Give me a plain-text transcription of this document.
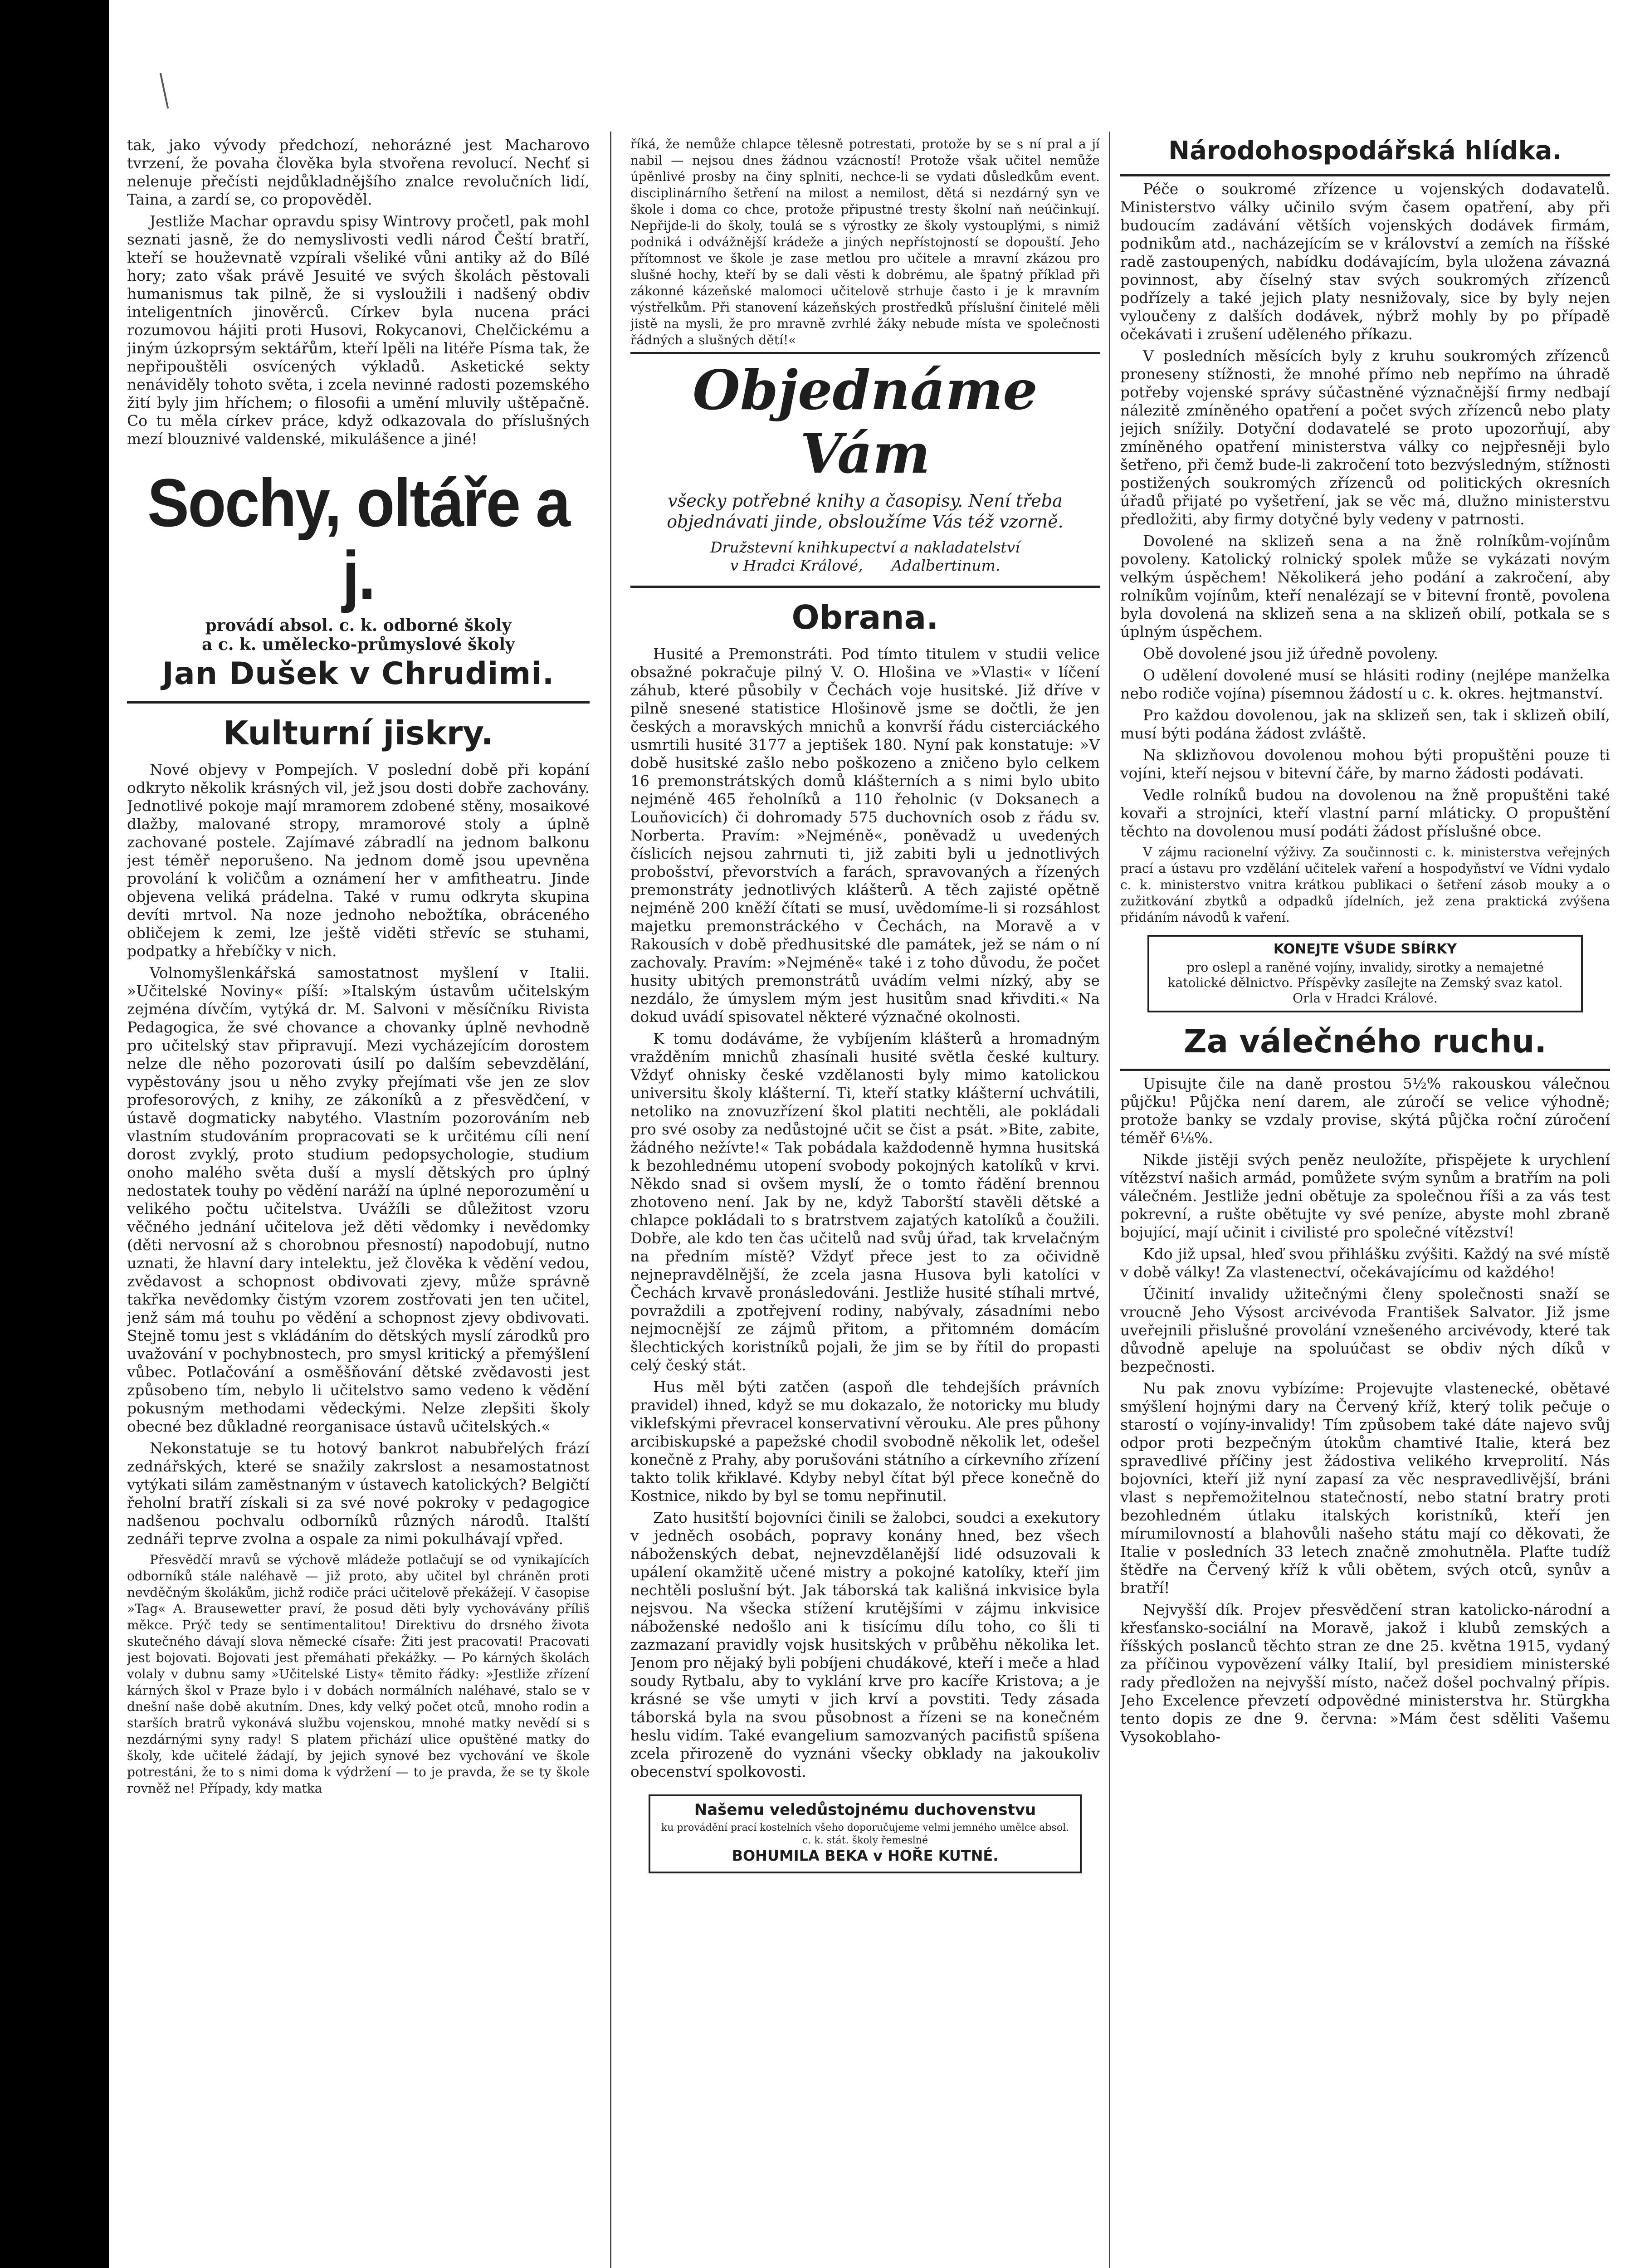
tak, jako vývody předchozí, nehorázné jest Macharovo tvrzení, že povaha člověka byla stvořena revolucí. Nechť si nelenuje přečísti nejdůkladnějšího znalce revolučních lidí, Taina, a zardí se, co propověděl.

Jestliže Machar opravdu spisy Wintrovy pročetl, pak mohl seznati jasně, že do nemyslivosti vedli národ Čeští bratří, kteří se houževnatě vzpírali všeliké vůni antiky až do Bílé hory; zato však právě Jesuité ve svých školách pěstovali humanismus tak pilně, že si vysloužili i nadšený obdiv inteligentních jinověrců. Církev byla nucena práci rozumovou hájiti proti Husovi, Rokycanovi, Chelčickému a jiným úzkoprsým sektářům, kteří lpěli na litéře Písma tak, že nepřipouštěli osvícených výkladů. Asketické sekty nenáviděly tohoto světa, i zcela nevinné radosti pozemského žití byly jim hříchem; o filosofii a umění mluvily uštěpačně. Co tu měla církev práce, když odkazovala do příslušných mezí blouznivé valdenské, mikulášence a jiné!

Sochy, oltáře a j.

provádí absol. c. k. odborné školy

a c. k. umělecko-průmyslové školy

Jan Dušek v Chrudimi.
Kulturní jiskry.

Nové objevy v Pompejích. V poslední době při kopání odkryto několik krásných vil, jež jsou dosti dobře zachovány. Jednotlivé pokoje mají mramorem zdobené stěny, mosaikové dlažby, malované stropy, mramorové stoly a úplně zachované postele. Zajímavé zábradlí na jednom balkonu jest téměř neporušeno. Na jednom domě jsou upevněna provolání k voličům a oznámení her v amfitheatru. Jinde objevena veliká prádelna. Také v rumu odkryta skupina devíti mrtvol. Na noze jednoho nebožtíka, obráceného obličejem k zemi, lze ještě viděti střevíc se stuhami, podpatky a hřebíčky v nich.

Volnomyšlenkářská samostatnost myšlení v Italii. »Učitelské Noviny« píší: »Italským ústavům učitelským zejména dívčím, vytýká dr. M. Salvoni v měsíčníku Rivista Pedagogica, že své chovance a chovanky úplně nevhodně pro učitelský stav připravují. Mezi vycházejícím dorostem nelze dle něho pozorovati úsilí po dalším sebevzdělání, vypěstovány jsou u něho zvyky přejímati vše jen ze slov profesorových, z knihy, ze zákoníků a z přesvědčení, v ústavě dogmaticky nabytého. Vlastním pozorováním neb vlastním studováním propracovati se k určitému cíli není dorost zvyklý, proto studium pedopsychologie, studium onoho malého světa duší a myslí dětských pro úplný nedostatek touhy po vědění naráží na úplné neporozumění u velikého počtu učitelstva. Uvážíli se důležitost vzoru věčného jednání učitelova jež děti vědomky i nevědomky (děti nervosní až s chorobnou přesností) napodobují, nutno uznati, že hlavní dary intelektu, jež člověka k vědění vedou, zvědavost a schopnost obdivovati zjevy, může správně takřka nevědomky čistým vzorem zostřovati jen ten učitel, jenž sám má touhu po vědění a schopnost zjevy obdivovati. Stejně tomu jest s vkládáním do dětských myslí zárodků pro uvažování v pochybnostech, pro smysl kritický a přemýšlení vůbec. Potlačování a osměšňování dětské zvědavosti jest způsobeno tím, nebylo li učitelstvo samo vedeno k vědění pokusným methodami vědeckými. Nelze zlepšiti školy obecné bez důkladné reorganisace ústavů učitelských.«

Nekonstatuje se tu hotový bankrot nabubřelých frází zednářských, které se snažily zakrslost a nesamostatnost vytýkati silám zaměstnaným v ústavech katolických? Belgičtí řeholní bratří získali si za své nové pokroky v pedagogice nadšenou pochvalu odborníků různých národů. Italští zednáři teprve zvolna a ospale za nimi pokulhávají vpřed.

Přesvědčí mravů se výchově mládeže potlačují se od vynikajících odborníků stále naléhavě — již proto, aby učitel byl chráněn proti nevděčným školákům, jichž rodiče práci učitelově překážejí. V časopise »Tag« A. Brausewetter praví, že posud děti byly vychovávány příliš měkce. Prýč tedy se sentimentalitou! Direktivu do drsného života skutečného dávají slova německé císaře: Žiti jest pracovati! Pracovati jest bojovati. Bojovati jest přemáhati překážky. — Po kárných školách volaly v dubnu samy »Učitelské Listy« těmito řádky: »Jestliže zřízení kárných škol v Praze bylo i v dobách normálních naléhavé, stalo se v dnešní naše době akutním. Dnes, kdy velký počet otců, mnoho rodin a starších bratrů vykonává službu vojenskou, mnohé matky nevědí si s nezdárnými syny rady! S platem přichází ulice opuštěné matky do školy, kde učitelé žádají, by jejich synové bez vychování ve škole potrestáni, že to s nimi doma k výdržení — to je pravda, že se ty škole rovněž ne! Případy, kdy matka

říká, že nemůže chlapce tělesně potrestati, protože by se s ní pral a jí nabil — nejsou dnes žádnou vzácností! Protože však učitel nemůže úpěnlivé prosby na činy splniti, nechce-li se vydati důsledkům event. disciplinárního šetření na milost a nemilost, dětá si nezdárný syn ve škole i doma co chce, protože připustné tresty školní naň neúčinkují. Nepřijde-li do školy, toulá se s výrostky ze školy vystouplými, s nimiž podniká i odvážnější krádeže a jiných nepřístojností se dopouští. Jeho přítomnost ve škole je zase metlou pro učitele a mravní zkázou pro slušné hochy, kteří by se dali věsti k dobrému, ale špatný příklad při zákonné kázeňské malomoci učitelově strhuje často i je k mravním výstřelkům. Při stanovení kázeňských prostředků příslušní činitelé měli jistě na mysli, že pro mravně zvrhlé žáky nebude místa ve společnosti řádných a slušných dětí!«

Objednáme Vám

všecky potřebné knihy a časopisy. Není třeba

objednávati jinde, obsloužíme Vás též vzorně.

Družstevní knihkupectví a nakladatelství

v Hradci Králové, Adalbertinum.

Obrana.

Husité a Premonstráti. Pod tímto titulem v studii velice obsažné pokračuje pilný V. O. Hlošina ve »Vlasti« v líčení záhub, které působily v Čechách voje husitské. Již dříve v pilně snesené statistice Hlošinově jsme se dočtli, že jen českých a moravských mnichů a konvrší řádu cisterciáckého usmrtili husité 3177 a jeptišek 180. Nyní pak konstatuje: »V době husitské zašlo nebo poškozeno a zničeno bylo celkem 16 premonstrátských domů klášterních a s nimi bylo ubito nejméně 465 řeholníků a 110 řeholnic (v Doksanech a Louňovicích) či dohromady 575 duchovních osob z řádu sv. Norberta. Pravím: »Nejméně«, poněvadž u uvedených číslicích nejsou zahrnuti ti, již zabiti byli u jednotlivých probošství, převorstvích a farách, spravovaných a řízených premonstráty jednotlivých klášterů. A těch zajisté opětně nejméně 200 kněží čítati se musí, uvědomíme-li si rozsáhlost majetku premonstráckého v Čechách, na Moravě a v Rakousích v době předhusitské dle památek, jež se nám o ní zachovaly. Pravím: »Nejméně« také i z toho důvodu, že počet husity ubitých premonstrátů uvádím velmi nízký, aby se nezdálo, že úmyslem mým jest husitům snad křivditi.« Na dokud uvádí spisovatel některé význačné okolnosti.

K tomu dodáváme, že vybíjením klášterů a hromadným vražděním mnichů zhasínali husité světla české kultury. Vždyť ohnisky české vzdělanosti byly mimo katolickou universitu školy klášterní. Ti, kteří statky klášterní uchvátili, netoliko na znovuzřízení škol platiti nechtěli, ale pokládali pro své osoby za nedůstojné učit se čist a psát. »Bite, zabite, žádného nežívte!« Tak pobádala každodenně hymna husitská k bezohlednému utopení svobody pokojných katolíků v krvi. Někdo snad si ovšem myslí, že o tomto řádění brennou zhotoveno není. Jak by ne, když Taborští stavěli dětské a chlapce pokládali to s bratrstvem zajatých katolíků a čoužili. Dobře, ale kdo ten čas učitelů nad svůj úřad, tak krvelačným na předním místě? Vždyť přece jest to za očividně nejnepravdělnější, že zcela jasna Husova byli katolíci v Čechách krvavě pronásledováni. Jestliže husité stíhali mrtvé, povraždili a zpotřejvení rodiny, nabývaly, zásadními nebo nejmocnější ze zájmů přitom, a přitomném domácím šlechtických koristníků pojali, že jim se by řítil do propasti celý český stát.

Hus měl býti zatčen (aspoň dle tehdejších právních pravidel) ihned, když se mu dokazalo, že notoricky mu bludy viklefskými převracel konservativní věrouku. Ale pres půhony arcibiskupské a papežské chodil svobodně několik let, odešel konečně z Prahy, aby porušováni státního a církevního zřízení takto tolik křiklavé. Kdyby nebyl čítat býl přece konečně do Kostnice, nikdo by byl se tomu nepřinutil.

Zato husitští bojovníci činili se žalobci, soudci a exekutory v jedněch osobách, popravy konány hned, bez všech náboženských debat, nejnevzdělanější lidé odsuzovali k upálení okamžitě učené mistry a pokojné katolíky, kteří jim nechtěli poslušní být. Jak táborská tak kališná inkvisice byla nejsvou. Na všecka stížení krutějšími v zájmu inkvisice náboženské nedošlo ani k tisícímu dílu toho, co šli ti zazmazaní pravidly vojsk husitských v průběhu několika let. Jenom pro nějaký byli pobíjeni chudákové, kteří i meče a hlad soudy Rytbalu, aby to vyklání krve pro kacíře Kristova; a je krásné se vše umyti v jich krví a povstiti. Tedy zásada táborská byla na svou působnost a řízeni se na konečném heslu vidím. Také evangelium samozvaných pacifistů spíšena zcela přirozeně do vyznáni všecky obklady na jakoukoliv obecenství spolkovosti.

Našemu veledůstojnému duchovenstvu

ku provádění prací kostelních všeho doporučujeme velmi jemného umělce absol. c. k. stát. školy řemeslné

BOHUMILA BEKA v HOŘE KUTNÉ.

Národohospodářská hlídka.

Péče o soukromé zřízence u vojenských dodavatelů. Ministerstvo války učinilo svým časem opatření, aby při budoucím zadávání větších vojenských dodávek firmám, podnikům atd., nacházejícím se v království a zemích na říšské radě zastoupených, nabídku dodávajícím, byla uložena závazná povinnost, aby číselný stav svých soukromých zřízenců podřízely a také jejich platy nesnižovaly, sice by byly nejen vyloučeny z dalších dodávek, nýbrž mohly by po případě očekávati i zrušení uděleného příkazu.

V posledních měsících byly z kruhu soukromých zřízenců proneseny stížnosti, že mnohé přímo neb nepřímo na úhradě potřeby vojenské správy súčastněné význačnější firmy nedbají nálezitě zmíněného opatření a počet svých zřízenců nebo platy jejich snížily. Dotyční dodavatelé se proto upozorňují, aby zmíněného opatření ministerstva války co nejpřesněji bylo šetřeno, při čemž bude-li zakročení toto bezvýsledným, stížnosti postižených soukromých zřízenců od politických okresních úřadů přijaté po vyšetření, jak se věc má, dlužno ministerstvu předložiti, aby firmy dotyčné byly vedeny v patrnosti.

Dovolené na sklizeň sena a na žně rolníkům-vojínům povoleny. Katolický rolnický spolek může se vykázati novým velkým úspěchem! Několikerá jeho podání a zakročení, aby rolníkům vojínům, kteří nenalézají se v bitevní frontě, povolena byla dovolená na sklizeň sena a na sklizeň obilí, potkala se s úplným úspěchem.

Obě dovolené jsou již úředně povoleny.

O udělení dovolené musí se hlásiti rodiny (nejlépe manželka nebo rodiče vojína) písemnou žádostí u c. k. okres. hejtmanství.

Pro každou dovolenou, jak na sklizeň sen, tak i sklizeň obilí, musí býti podána žádost zvláště.

Na sklizňovou dovolenou mohou býti propuštěni pouze ti vojíni, kteří nejsou v bitevní čáře, by marno žádosti podávati.

Vedle rolníků budou na dovolenou na žně propuštěni také kovaři a strojníci, kteří vlastní parní mláticky. O propuštění těchto na dovolenou musí podáti žádost příslušné obce.

V zájmu racionelní výživy. Za součinnosti c. k. ministerstva veřejných prací a ústavu pro vzdělání učitelek vaření a hospodyňství ve Vídni vydalo c. k. ministerstvo vnitra krátkou publikaci o šetření zásob mouky a o zužitkování zbytků a odpadků jídelních, jež zena praktická zvýšena přidáním návodů k vaření.

KONEJTE VŠUDE SBÍRKY

pro oslepl a raněné vojíny, invalidy, sirotky a nemajetné katolické dělnictvo. Příspěvky zasílejte na Zemský svaz katol. Orla v Hradci Králové.

Za válečného ruchu.

Upisujte čile na daně prostou 5½% rakouskou válečnou půjčku! Půjčka není darem, ale zúročí se velice výhodně; protože banky se vzdaly provise, skýtá půjčka roční zúročení téměř 6⅛%.

Nikde jistěji svých peněz neuložíte, přispějete k urychlení vítězství našich armád, pomůžete svým synům a bratřím na poli válečném. Jestliže jedni obětuje za společnou říši a za vás test pokrevní, a rušte obětujte vy své peníze, abyste mohl zbraně bojující, mají učinit i civilisté pro společné vítězství!

Kdo již upsal, hleď svou přihlášku zvýšiti. Každý na své místě v době války! Za vlastenectví, očekávajícímu od každého!

Účinití invalidy užitečnými členy společnosti snaží se vroucně Jeho Výsost arcivévoda František Salvator. Již jsme uveřejnili přislušné provolání vznešeného arcivévody, které tak důvodně apeluje na spoluúčast se obdiv ných díků v bezpečnosti.

Nu pak znovu vybízíme: Projevujte vlastenecké, obětavé smýšlení hojnými dary na Červený kříž, který tolik pečuje o starostí o vojíny-invalidy! Tím způsobem také dáte najevo svůj odpor proti bezpečným útokům chamtivé Italie, která bez spravedlivé příčiny jest žádostiva velikého krveprolití. Nás bojovníci, kteří již nyní zapasí za věc nespravedlivější, bráni vlast s nepřemožitelnou statečností, nebo statní bratry proti bezohledném útlaku italských koristníků, kteří jen mírumilovností a blahovůli našeho státu mají co děkovati, že Italie v posledních 33 letech značně zmohutněla. Plaťte tudíž štědře na Červený kříž k vůli obětem, svých otců, synův a bratří!

Nejvyšší dík. Projev přesvědčení stran katolicko-národní a křesťansko-sociální na Moravě, jakož i klubů zemských a říšských poslanců těchto stran ze dne 25. května 1915, vydaný za příčinou vypovězení války Italií, byl presidiem ministerské rady předložen na nejvyšší místo, načež došel pochvalný přípis. Jeho Excelence převzetí odpovědné ministerstva hr. Stürgkha tento dopis ze dne 9. června: »Mám čest sděliti Vašemu Vysokoblaho-
